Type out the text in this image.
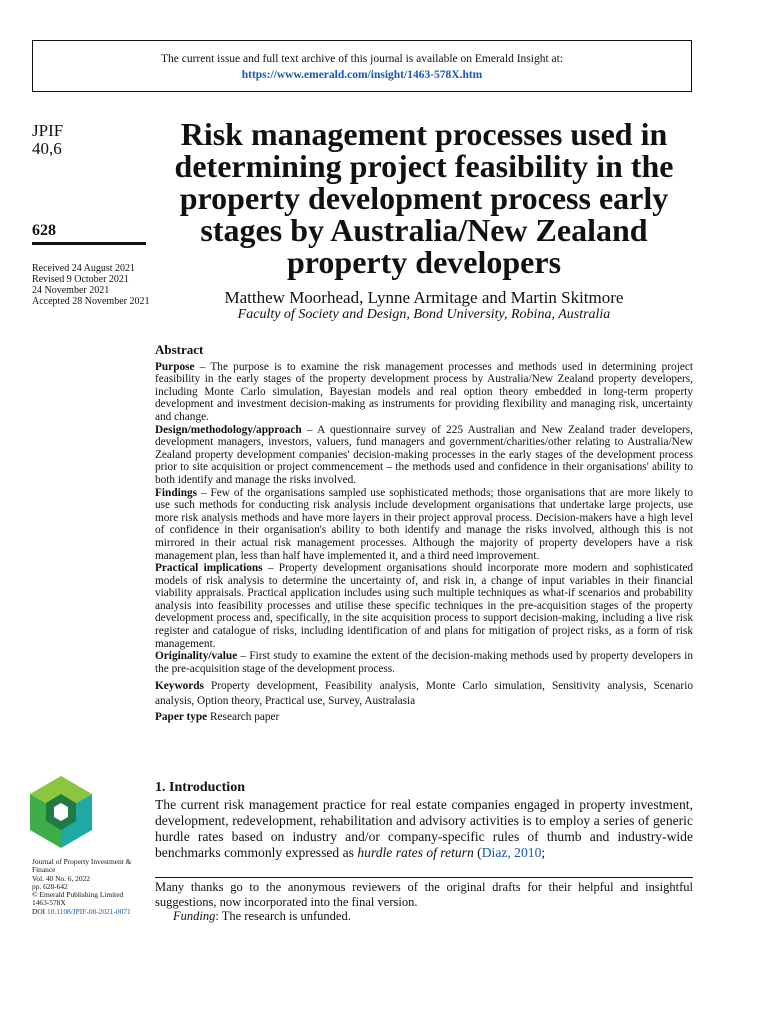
The current issue and full text archive of this journal is available on Emerald Insight at:
https://www.emerald.com/insight/1463-578X.htm
JPIF
40,6
628
Received 24 August 2021
Revised 9 October 2021
24 November 2021
Accepted 28 November 2021
Risk management processes used in determining project feasibility in the property development process early stages by Australia/New Zealand property developers
Matthew Moorhead, Lynne Armitage and Martin Skitmore
Faculty of Society and Design, Bond University, Robina, Australia
Abstract

Purpose – The purpose is to examine the risk management processes and methods used in determining project feasibility in the early stages of the property development process by Australia/New Zealand property developers, including Monte Carlo simulation, Bayesian models and real option theory embedded in long-term property development and investment decision-making as instruments for providing flexibility and managing risk, uncertainty and change.

Design/methodology/approach – A questionnaire survey of 225 Australian and New Zealand trader developers, development managers, investors, valuers, fund managers and government/charities/other relating to Australia/New Zealand property development companies' decision-making processes in the early stages of the development process prior to site acquisition or project commencement – the methods used and confidence in their organisations' ability to both identify and manage the risks involved.

Findings – Few of the organisations sampled use sophisticated methods; those organisations that are more likely to use such methods for conducting risk analysis include development organisations that undertake large projects, use more risk analysis methods and have more layers in their project approval process. Decision-makers have a high level of confidence in their organisation's ability to both identify and manage the risks involved, although this is not mirrored in their actual risk management processes. Although the majority of property developers have a risk management plan, less than half have implemented it, and a third need improvement.

Practical implications – Property development organisations should incorporate more modern and sophisticated models of risk analysis to determine the uncertainty of, and risk in, a change of input variables in their financial viability appraisals. Practical application includes using such multiple techniques as what-if scenarios and probability analysis into feasibility processes and utilise these specific techniques in the pre-acquisition stages of the property development process and, specifically, in the site acquisition process to support decision-making, including a live risk register and catalogue of risks, including identification of and plans for mitigation of project risks, as a form of risk management.

Originality/value – First study to examine the extent of the decision-making methods used by property developers in the pre-acquisition stage of the development process.

Keywords Property development, Feasibility analysis, Monte Carlo simulation, Sensitivity analysis, Scenario analysis, Option theory, Practical use, Survey, Australasia

Paper type Research paper

Journal of Property Investment & Finance
Vol. 40 No. 6, 2022
pp. 628-642
© Emerald Publishing Limited
1463-578X
DOI 10.1108/JPIF-08-2021-0071
1. Introduction

The current risk management practice for real estate companies engaged in property investment, development, redevelopment, rehabilitation and advisory activities is to employ a series of generic hurdle rates based on industry and/or company-specific rules of thumb and industry-wide benchmarks commonly expressed as hurdle rates of return (Diaz, 2010;

Many thanks go to the anonymous reviewers of the original drafts for their helpful and insightful suggestions, now incorporated into the final version.

Funding: The research is unfunded.
